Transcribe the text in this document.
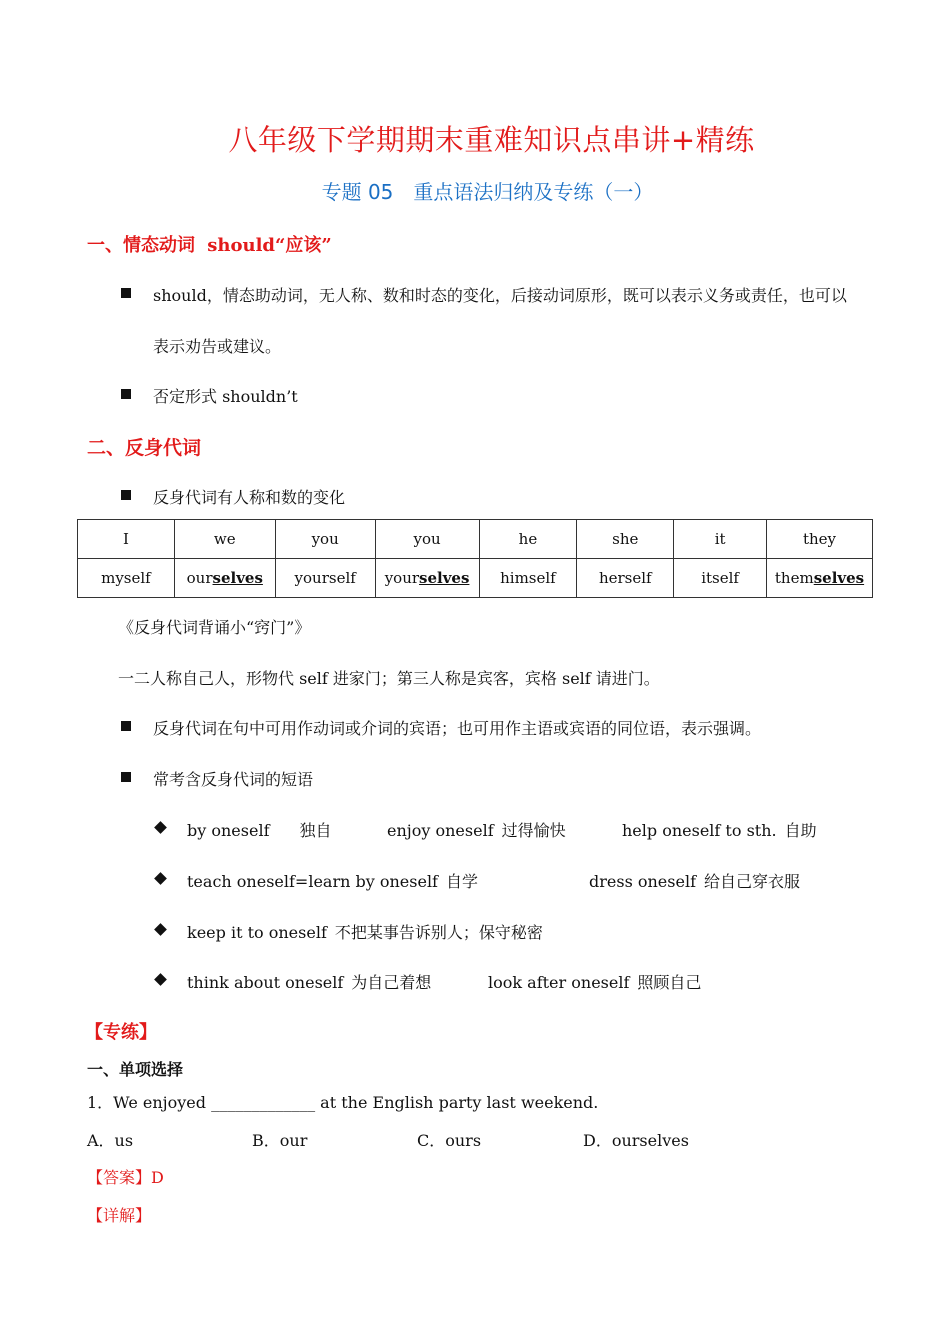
八年级下学期期末重难知识点串讲+精练
专题 05　重点语法归纳及专练（一）
一、情态动词 should“应该”
should，情态助动词，无人称、数和时态的变化，后接动词原形，既可以表示义务或责任，也可以
表示劝告或建议。
否定形式 shouldn’t
二、反身代词
反身代词有人称和数的变化
I	we	you	you	he	she	it	they
myself	ourselves	yourself	yourselves	himself	herself	itself	themselves
《反身代词背诵小“窍门”》
一二人称自己人，形物代 self 进家门；第三人称是宾客，宾格 self 请进门。
反身代词在句中可用作动词或介词的宾语；也可用作主语或宾语的同位语，表示强调。
常考含反身代词的短语
by oneself 独自	enjoy oneself 过得愉快	help oneself to sth. 自助
teach oneself=learn by oneself 自学	dress oneself 给自己穿衣服
keep it to oneself 不把某事告诉别人；保守秘密
think about oneself 为自己着想	look after oneself 照顾自己
【专练】
一、单项选择
1．We enjoyed _____________ at the English party last weekend.
A．us	B．our	C．ours	D．ourselves
【答案】D
【详解】
